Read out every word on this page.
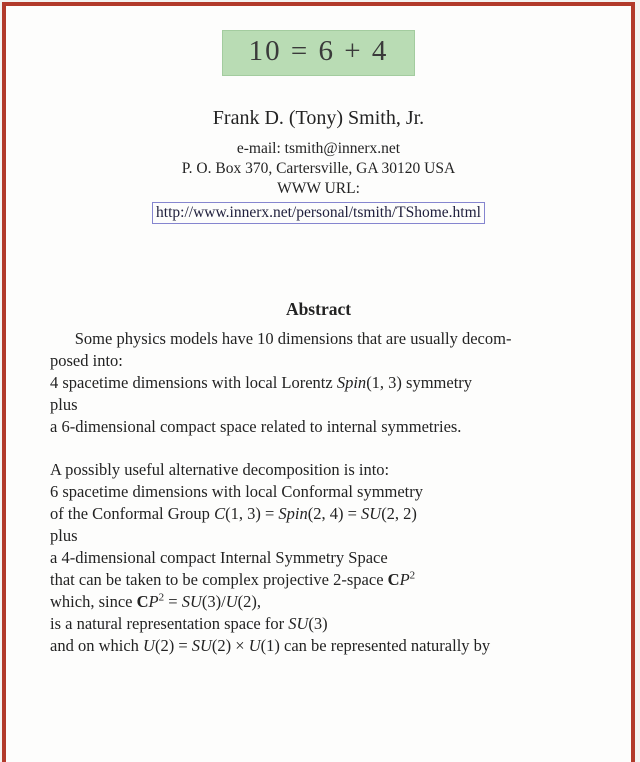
10 = 6 + 4
Frank D. (Tony) Smith, Jr.
e-mail: tsmith@innerx.net
P. O. Box 370, Cartersville, GA 30120 USA
WWW URL:
http://www.innerx.net/personal/tsmith/TShome.html
Abstract
  Some physics models have 10 dimensions that are usually decom-
posed into:
4 spacetime dimensions with local Lorentz Spin(1, 3) symmetry
plus
a 6-dimensional compact space related to internal symmetries.
A possibly useful alternative decomposition is into:
6 spacetime dimensions with local Conformal symmetry
of the Conformal Group C(1, 3) = Spin(2, 4) = SU(2, 2)
plus
a 4-dimensional compact Internal Symmetry Space
that can be taken to be complex projective 2-space $CP^2$
which, since $CP^2 = SU(3)/U(2)$,
is a natural representation space for SU(3)
and on which U(2) = SU(2) × U(1) can be represented naturally by
